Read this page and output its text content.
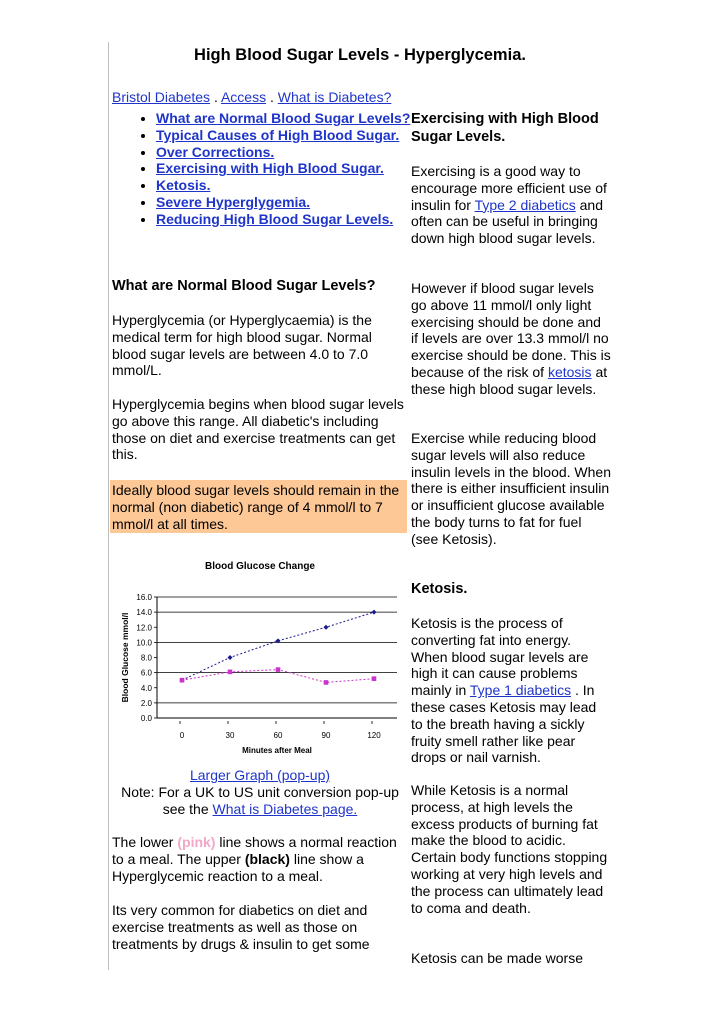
High Blood Sugar Levels - Hyperglycemia.
Bristol Diabetes . Access . What is Diabetes?
• What are Normal Blood Sugar Levels?
• Typical Causes of High Blood Sugar.
• Over Corrections.
• Exercising with High Blood Sugar.
• Ketosis.
• Severe Hyperglygemia.
• Reducing High Blood Sugar Levels.
What are Normal Blood Sugar Levels?

Hyperglycemia (or Hyperglycaemia) is the medical term for high blood sugar. Normal blood sugar levels are between 4.0 to 7.0 mmol/L.

Hyperglycemia begins when blood sugar levels go above this range. All diabetic's including those on diet and exercise treatments can get this.

Ideally blood sugar levels should remain in the normal (non diabetic) range of 4 mmol/l to 7 mmol/l at all times.
Blood Glucose Change
0.0
2.0
4.0
6.0
8.0
10.0
12.0
14.0
16.0
0	30	60	90	120
Minutes after Meal
Blood Glucose mmol/l
Larger Graph (pop-up)
Note: For a UK to US unit conversion pop-up see the What is Diabetes page.
The lower (pink) line shows a normal reaction to a meal. The upper (black) line show a Hyperglycemic reaction to a meal.

Its very common for diabetics on diet and exercise treatments as well as those on treatments by drugs & insulin to get some

Exercising with High Blood Sugar Levels.
Exercising is a good way to encourage more efficient use of insulin for Type 2 diabetics and often can be useful in bringing down high blood sugar levels.
However if blood sugar levels go above 11 mmol/l only light exercising should be done and if levels are over 13.3 mmol/l no exercise should be done. This is because of the risk of ketosis at these high blood sugar levels.

Exercise while reducing blood sugar levels will also reduce insulin levels in the blood. When there is either insufficient insulin or insufficient glucose available the body turns to fat for fuel (see Ketosis).

Ketosis.
Ketosis is the process of converting fat into energy. When blood sugar levels are high it can cause problems mainly in Type 1 diabetics . In these cases Ketosis may lead to the breath having a sickly fruity smell rather like pear drops or nail varnish.

While Ketosis is a normal process, at high levels the excess products of burning fat make the blood to acidic. Certain body functions stopping working at very high levels and the process can ultimately lead to coma and death.

Ketosis can be made worse
